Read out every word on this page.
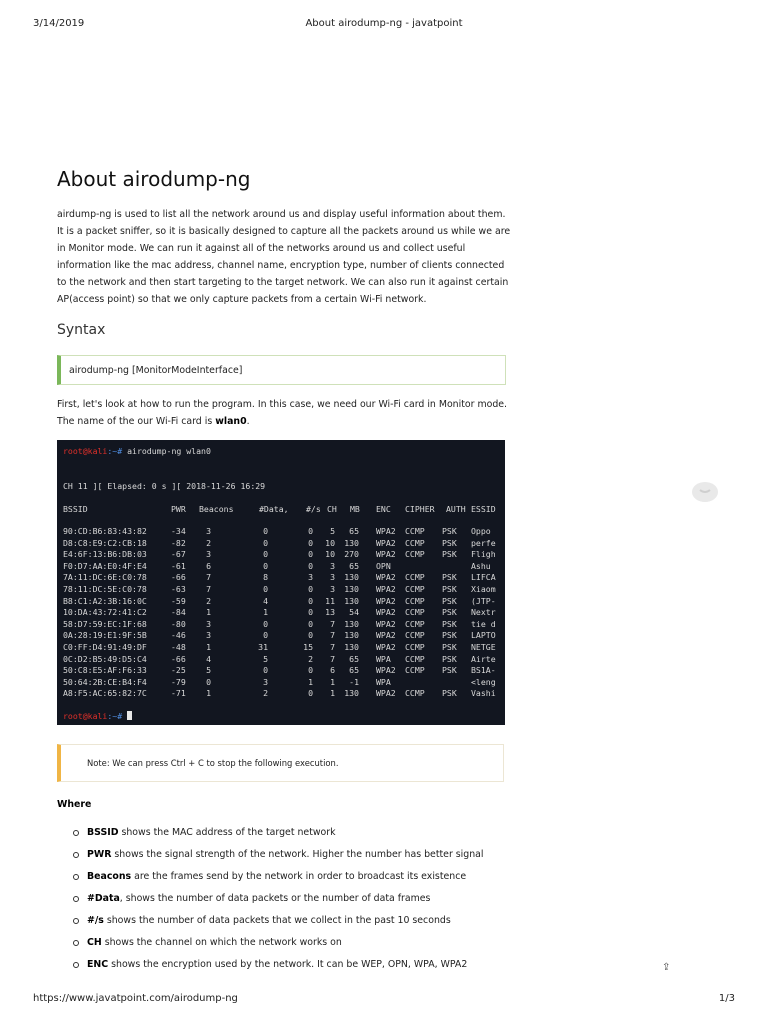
3/14/2019	About airodump-ng - javatpoint
About airodump-ng

airdump-ng is used to list all the network around us and display useful information about them. It is a packet sniffer, so it is basically designed to capture all the packets around us while we are in Monitor mode. We can run it against all of the networks around us and collect useful information like the mac address, channel name, encryption type, number of clients connected to the network and then start targeting to the target network. We can also run it against certain AP(access point) so that we only capture packets from a certain Wi-Fi network.

Syntax
airodump-ng [MonitorModeInterface]

First, let's look at how to run the program. In this case, we need our Wi-Fi card in Monitor mode. The name of the our Wi-Fi card is wlan0.

root@kali:~# airodump-ng wlan0
CH 11 ][ Elapsed: 0 s ][ 2018-11-26 16:29
BSSID	PWR Beacons	#Data, #/s CH MB ENC CIPHER AUTH ESSID
90:CD:B6:83:43:82	-34	3	0	0	5	65 WPA2 CCMP PSK Oppo
D8:C8:E9:C2:CB:18	-82	2	0	0	10	130 WPA2 CCMP PSK perfe
E4:6F:13:B6:DB:03	-67	3	0	0	10	270 WPA2 CCMP PSK Fligh
F0:D7:AA:E0:4F:E4	-61	6	0	0	3	65 OPN	Ashu
7A:11:DC:6E:C0:78	-66	7	8	3	3	130 WPA2 CCMP PSK LIFCA
78:11:DC:5E:C0:78	-63	7	0	0	3	130 WPA2 CCMP PSK Xiaom
B8:C1:A2:3B:16:0C	-59	2	4	0	11	130 WPA2 CCMP PSK (JTP-
10:DA:43:72:41:C2	-84	1	1	0	13	54 WPA2 CCMP PSK Nextr
58:D7:59:EC:1F:68	-80	3	0	0	7	130 WPA2 CCMP PSK tie d
0A:28:19:E1:9F:5B	-46	3	0	0	7	130 WPA2 CCMP PSK LAPTO
C0:FF:D4:91:49:DF	-48	1	31	15	7	130 WPA2 CCMP PSK NETGE
0C:D2:B5:49:D5:C4	-66	4	5	2	7	65 WPA CCMP PSK Airte
50:C8:E5:AF:F6:33	-25	5	0	0	6	65 WPA2 CCMP PSK BS1A-
50:64:2B:CE:B4:F4	-79	0	3	1	1	-1 WPA	<leng
A8:F5:AC:65:82:7C	-71	1	2	0	1	130 WPA2 CCMP PSK Vashi
root@kali:~#
Note: We can press Ctrl + C to stop the following execution.

Where

BSSID shows the MAC address of the target network
PWR shows the signal strength of the network. Higher the number has better signal
Beacons are the frames send by the network in order to broadcast its existence
#Data, shows the number of data packets or the number of data frames
#/s shows the number of data packets that we collect in the past 10 seconds
CH shows the channel on which the network works on
ENC shows the encryption used by the network. It can be WEP, OPN, WPA, WPA2	⇪
https://www.javatpoint.com/airodump-ng	1/3
